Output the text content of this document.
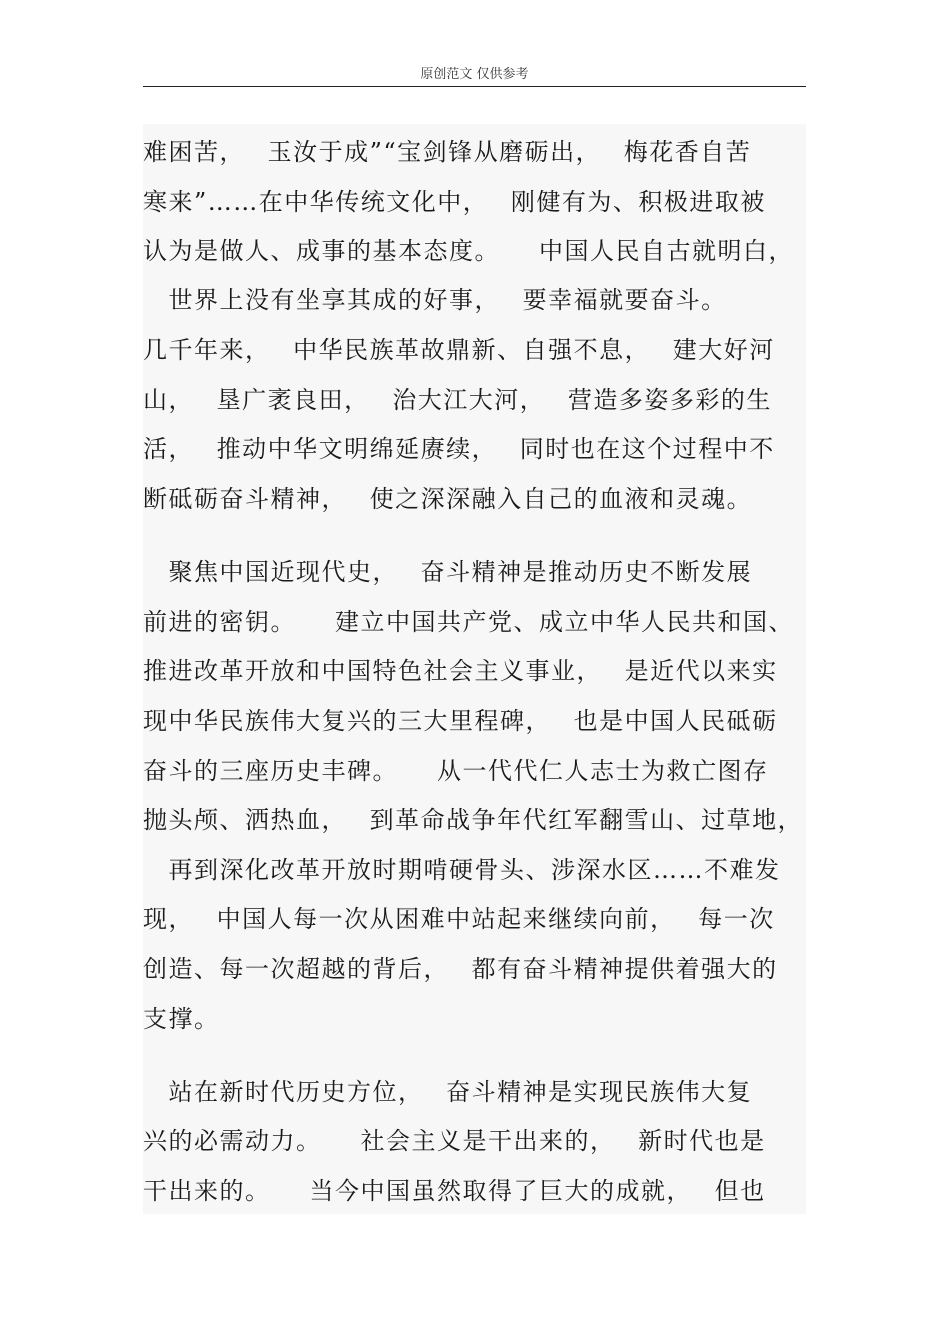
原创范文 仅供参考
难困苦，　 玉汝于成”“宝剑锋从磨砺出，　 梅花香自苦
寒来”……在中华传统文化中，　 刚健有为、积极进取被
认为是做人、成事的基本态度。　　中国人民自古就明白，
　世界上没有坐享其成的好事，　 要幸福就要奋斗。
几千年来，　 中华民族革故鼎新、自强不息，　 建大好河
山，　 垦广袤良田，　 治大江大河，　 营造多姿多彩的生
活，　 推动中华文明绵延赓续，　 同时也在这个过程中不
断砥砺奋斗精神，　 使之深深融入自己的血液和灵魂。
　聚焦中国近现代史，　 奋斗精神是推动历史不断发展
前进的密钥。　　建立中国共产党、成立中华人民共和国、
推进改革开放和中国特色社会主义事业，　 是近代以来实
现中华民族伟大复兴的三大里程碑，　 也是中国人民砥砺
奋斗的三座历史丰碑。　　从一代代仁人志士为救亡图存
抛头颅、洒热血，　 到革命战争年代红军翻雪山、过草地，
　再到深化改革开放时期啃硬骨头、涉深水区……不难发
现，　 中国人每一次从困难中站起来继续向前，　 每一次
创造、每一次超越的背后，　 都有奋斗精神提供着强大的
支撑。
　站在新时代历史方位，　 奋斗精神是实现民族伟大复
兴的必需动力。　　社会主义是干出来的，　 新时代也是
干出来的。　　当今中国虽然取得了巨大的成就，　 但也
